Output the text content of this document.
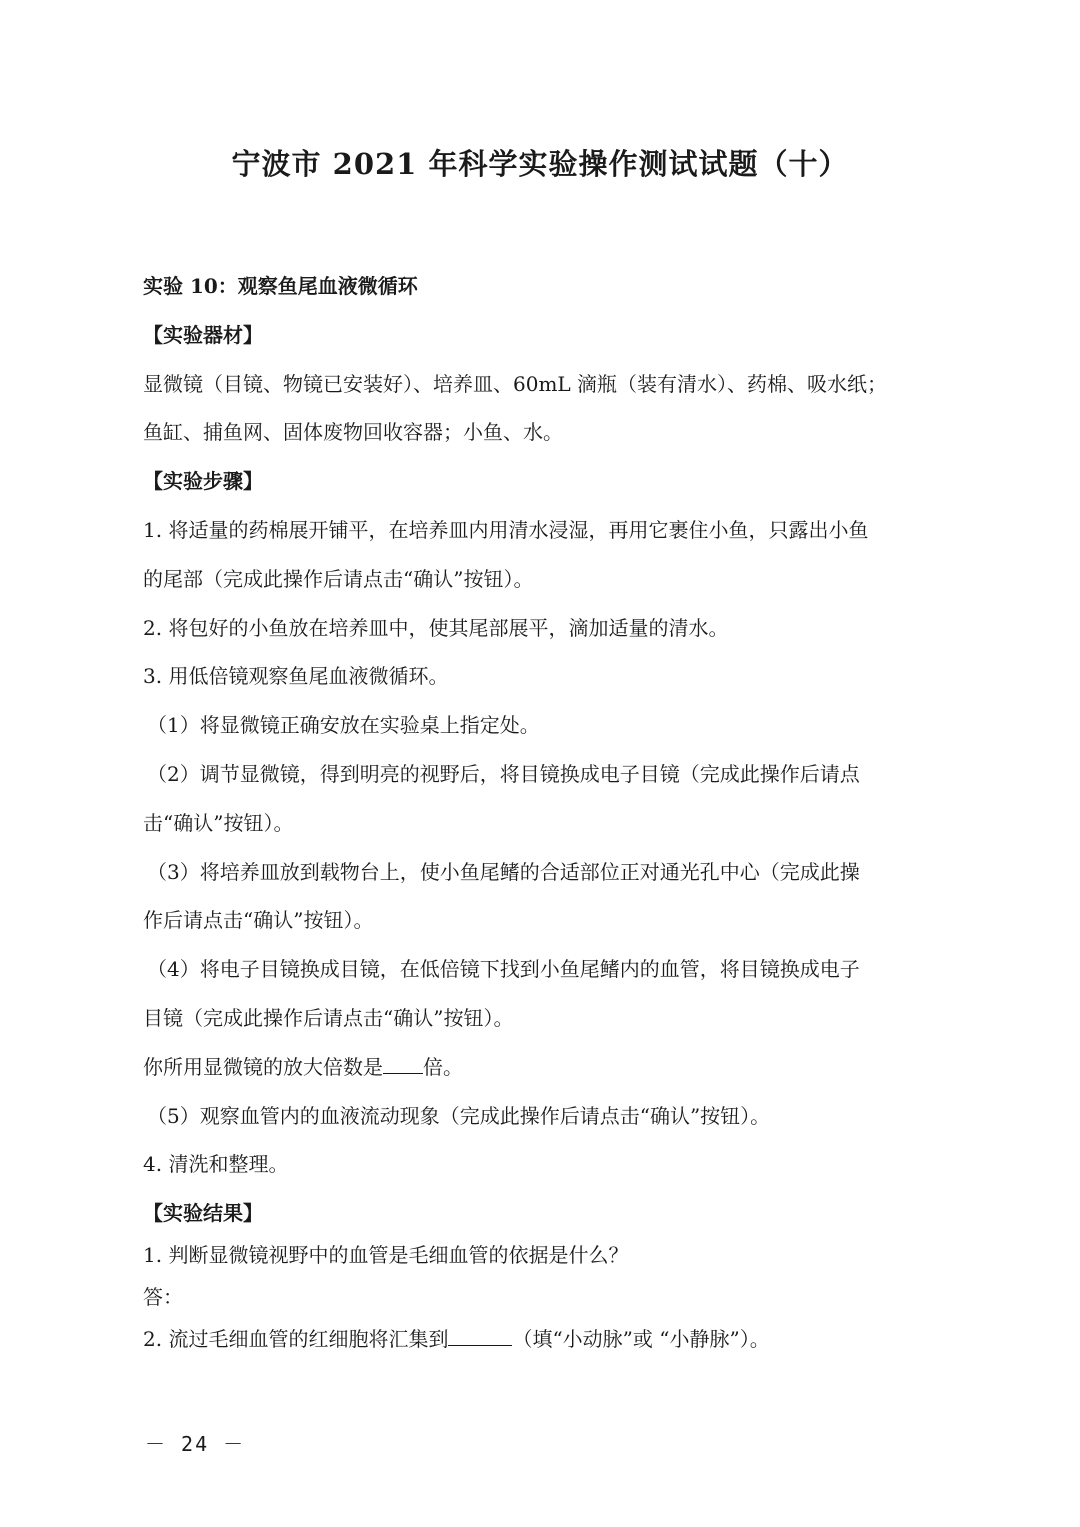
宁波市 2021 年科学实验操作测试试题（十）
实验 10：观察鱼尾血液微循环
【实验器材】
显微镜（目镜、物镜已安装好）、培养皿、60mL 滴瓶（装有清水）、药棉、吸水纸；
鱼缸、捕鱼网、固体废物回收容器；小鱼、水。
【实验步骤】
1. 将适量的药棉展开铺平，在培养皿内用清水浸湿，再用它裹住小鱼，只露出小鱼
的尾部（完成此操作后请点击“确认”按钮）。
2. 将包好的小鱼放在培养皿中，使其尾部展平，滴加适量的清水。
3. 用低倍镜观察鱼尾血液微循环。
（1）将显微镜正确安放在实验桌上指定处。
（2）调节显微镜，得到明亮的视野后，将目镜换成电子目镜（完成此操作后请点
击“确认”按钮）。
（3）将培养皿放到载物台上，使小鱼尾鳍的合适部位正对通光孔中心（完成此操
作后请点击“确认”按钮）。
（4）将电子目镜换成目镜，在低倍镜下找到小鱼尾鳍内的血管，将目镜换成电子
目镜（完成此操作后请点击“确认”按钮）。
你所用显微镜的放大倍数是 倍。
（5）观察血管内的血液流动现象（完成此操作后请点击“确认”按钮）。
4. 清洗和整理。
【实验结果】
1. 判断显微镜视野中的血管是毛细血管的依据是什么？
答：
2. 流过毛细血管的红细胞将汇集到	（填“小动脉”或 “小静脉”）。
－ 24 －
